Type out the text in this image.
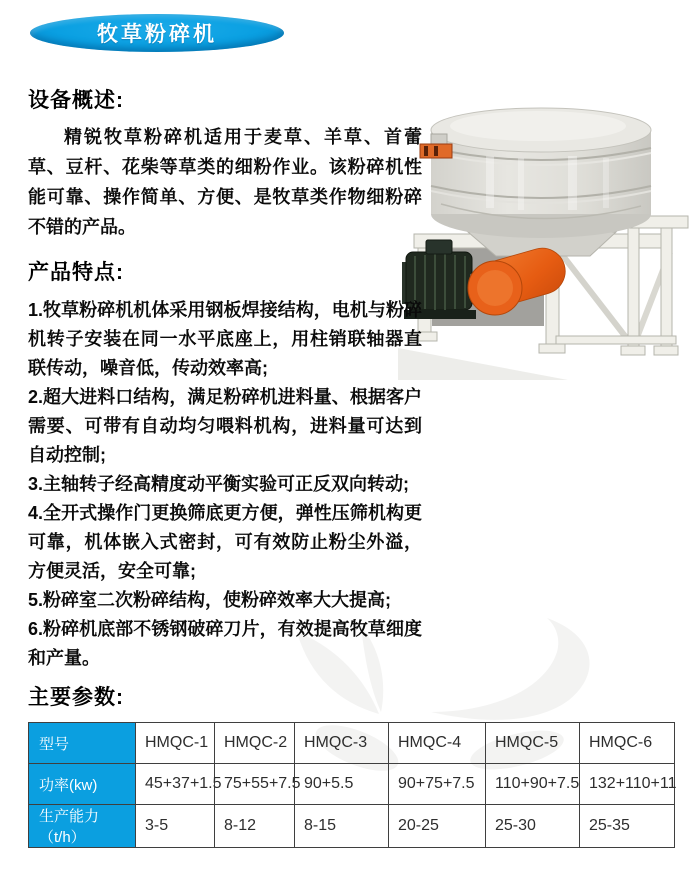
牧草粉碎机
设备概述:

精锐牧草粉碎机适用于麦草、羊草、首蕾草、豆杆、花柴等草类的细粉作业。该粉碎机性能可靠、操作简单、方便、是牧草类作物细粉碎不错的产品。

产品特点:

1.牧草粉碎机机体采用钢板焊接结构，电机与粉碎机转子安装在同一水平底座上，用柱销联轴器直联传动，噪音低，传动效率高;

2.超大进料口结构，满足粉碎机进料量、根据客户需要、可带有自动均匀喂料机构，进料量可达到自动控制;

3.主轴转子经高精度动平衡实验可正反双向转动;

4.全开式操作门更换筛底更方便，弹性压筛机构更可靠，机体嵌入式密封，可有效防止粉尘外溢，方便灵活，安全可靠;

5.粉碎室二次粉碎结构，使粉碎效率大大提高;

6.粉碎机底部不锈钢破碎刀片，有效提高牧草细度和产量。

主要参数:
型号	HMQC-1	HMQC-2	HMQC-3	HMQC-4	HMQC-5	HMQC-6
功率(kw)	45+37+1.5	75+55+7.5	90+5.5	90+75+7.5	110+90+7.5	132+110+11
生产能力（t/h）	3-5	8-12	8-15	20-25	25-30	25-35
